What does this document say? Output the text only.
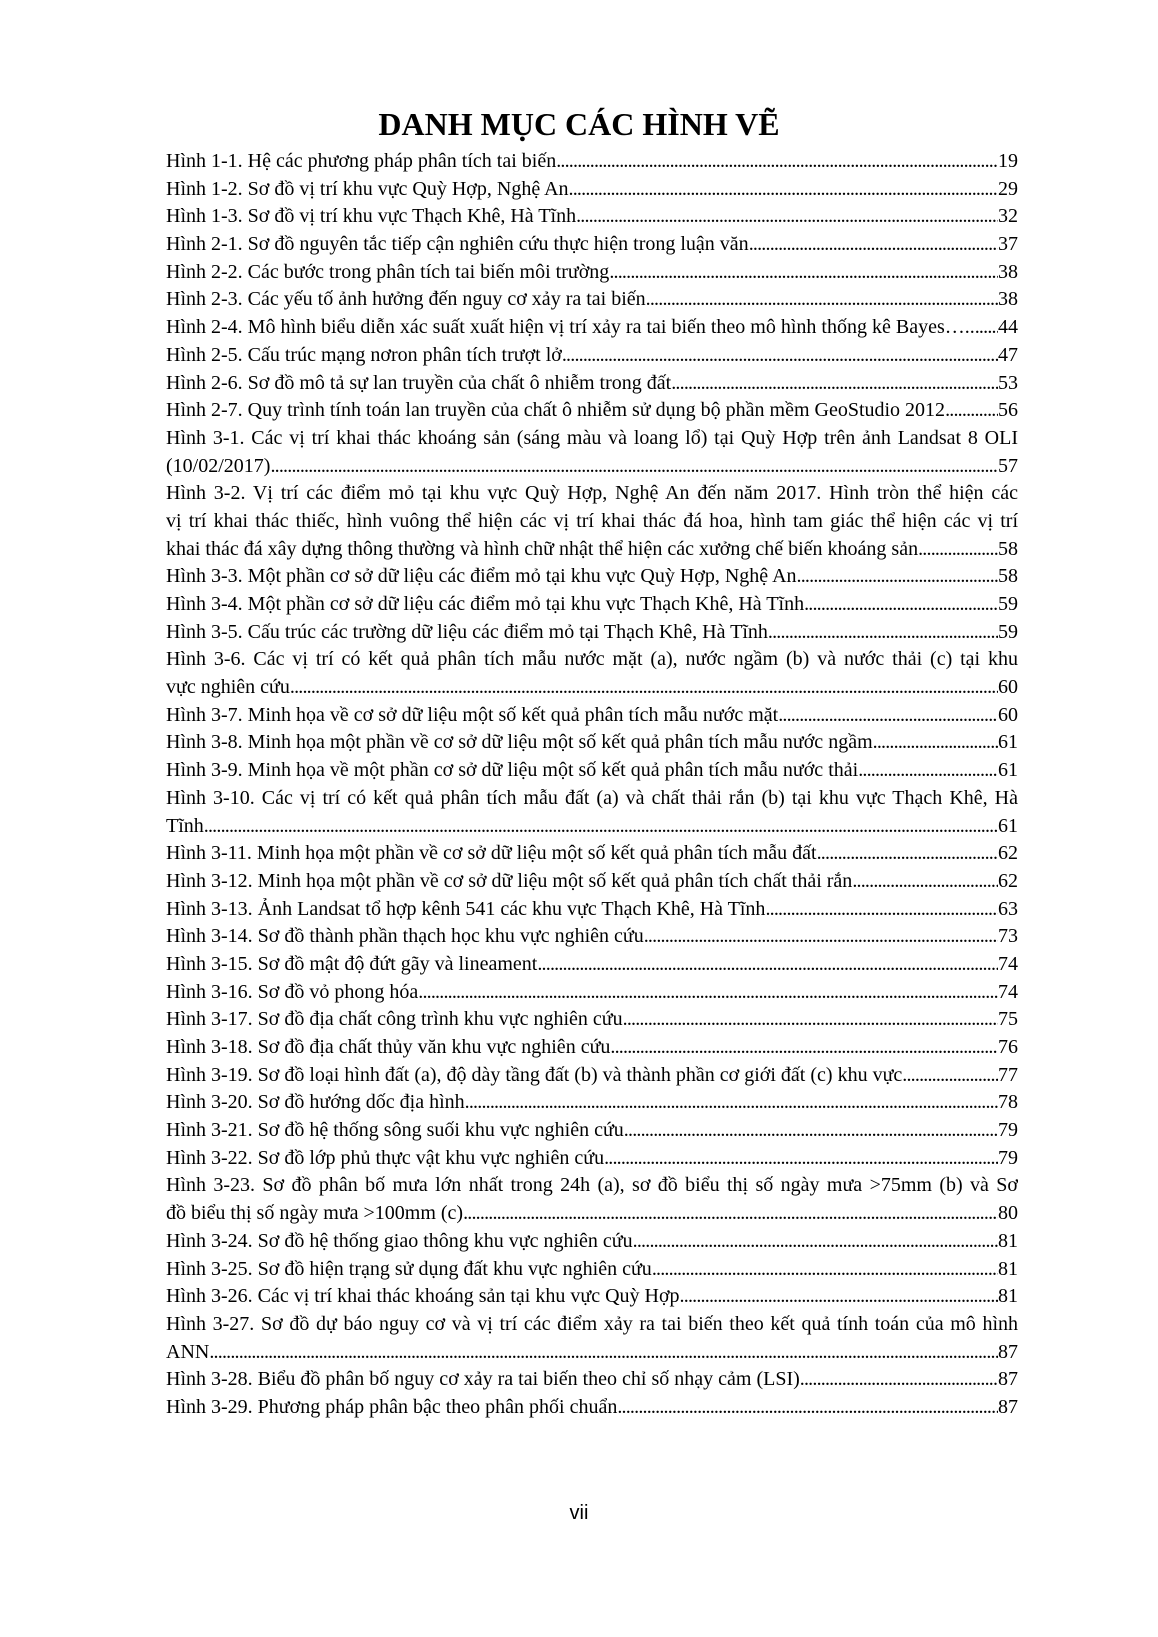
DANH MỤC CÁC HÌNH VẼ
Hình 1-1. Hệ các phương pháp phân tích tai biến . . .	19
Hình 1-2. Sơ đồ vị trí khu vực Quỳ Hợp, Nghệ An . . .	29
Hình 1-3. Sơ đồ vị trí khu vực Thạch Khê, Hà Tĩnh . . .	32
Hình 2-1. Sơ đồ nguyên tắc tiếp cận nghiên cứu thực hiện trong luận văn . . .	37
Hình 2-2. Các bước trong phân tích tai biến môi trường . . .	38
Hình 2-3. Các yếu tố ảnh hưởng đến nguy cơ xảy ra tai biến . . .	38
Hình 2-4. Mô hình biểu diễn xác suất xuất hiện vị trí xảy ra tai biến theo mô hình thống kê Bayes….. . . . 44
Hình 2-5. Cấu trúc mạng nơron phân tích trượt lở . . .	47
Hình 2-6. Sơ đồ mô tả sự lan truyền của chất ô nhiễm trong đất . . .	53
Hình 2-7. Quy trình tính toán lan truyền của chất ô nhiễm sử dụng bộ phần mềm GeoStudio 2012 . . .	56
Hình 3-1. Các vị trí khai thác khoáng sản (sáng màu và loang lổ) tại Quỳ Hợp trên ảnh Landsat 8 OLI
(10/02/2017) . . .	57
Hình 3-2. Vị trí các điểm mỏ tại khu vực Quỳ Hợp, Nghệ An đến năm 2017. Hình tròn thể hiện các
vị trí khai thác thiếc, hình vuông thể hiện các vị trí khai thác đá hoa, hình tam giác thể hiện các vị trí
khai thác đá xây dựng thông thường và hình chữ nhật thể hiện các xưởng chế biến khoáng sản . . .	58
Hình 3-3. Một phần cơ sở dữ liệu các điểm mỏ tại khu vực Quỳ Hợp, Nghệ An . . .	58
Hình 3-4. Một phần cơ sở dữ liệu các điểm mỏ tại khu vực Thạch Khê, Hà Tĩnh . . .	59
Hình 3-5. Cấu trúc các trường dữ liệu các điểm mỏ tại Thạch Khê, Hà Tĩnh . . .	59
Hình 3-6. Các vị trí có kết quả phân tích mẫu nước mặt (a), nước ngầm (b) và nước thải (c) tại khu
vực nghiên cứu . . .	60
Hình 3-7. Minh họa về cơ sở dữ liệu một số kết quả phân tích mẫu nước mặt . . .	60
Hình 3-8. Minh họa một phần về cơ sở dữ liệu một số kết quả phân tích mẫu nước ngầm . . .	61
Hình 3-9. Minh họa về một phần cơ sở dữ liệu một số kết quả phân tích mẫu nước thải . . .	61
Hình 3-10. Các vị trí có kết quả phân tích mẫu đất (a) và chất thải rắn (b) tại khu vực Thạch Khê, Hà
Tĩnh . . .	61
Hình 3-11. Minh họa một phần về cơ sở dữ liệu một số kết quả phân tích mẫu đất . . .	62
Hình 3-12. Minh họa một phần về cơ sở dữ liệu một số kết quả phân tích chất thải rắn . . .	62
Hình 3-13. Ảnh Landsat tổ hợp kênh 541 các khu vực Thạch Khê, Hà Tĩnh . . .	63
Hình 3-14. Sơ đồ thành phần thạch học khu vực nghiên cứu . . .	73
Hình 3-15. Sơ đồ mật độ đứt gãy và lineament . . .	74
Hình 3-16. Sơ đồ vỏ phong hóa . . .	74
Hình 3-17. Sơ đồ địa chất công trình khu vực nghiên cứu . . .	75
Hình 3-18. Sơ đồ địa chất thủy văn khu vực nghiên cứu . . .	76
Hình 3-19. Sơ đồ loại hình đất (a), độ dày tầng đất (b) và thành phần cơ giới đất (c) khu vực . . .	77
Hình 3-20. Sơ đồ hướng dốc địa hình . . .	78
Hình 3-21. Sơ đồ hệ thống sông suối khu vực nghiên cứu . . .	79
Hình 3-22. Sơ đồ lớp phủ thực vật khu vực nghiên cứu . . .	79
Hình 3-23. Sơ đồ phân bố mưa lớn nhất trong 24h (a), sơ đồ biểu thị số ngày mưa >75mm (b) và Sơ
đồ biểu thị số ngày mưa >100mm (c) . . .	80
Hình 3-24. Sơ đồ hệ thống giao thông khu vực nghiên cứu . . .	81
Hình 3-25. Sơ đồ hiện trạng sử dụng đất khu vực nghiên cứu . . .	81
Hình 3-26. Các vị trí khai thác khoáng sản tại khu vực Quỳ Hợp . . .	81
Hình 3-27. Sơ đồ dự báo nguy cơ và vị trí các điểm xảy ra tai biến theo kết quả tính toán của mô hình
ANN . . .	87
Hình 3-28. Biểu đồ phân bố nguy cơ xảy ra tai biến theo chỉ số nhạy cảm (LSI) . . .	87
Hình 3-29. Phương pháp phân bậc theo phân phối chuẩn . . .	87
vii
